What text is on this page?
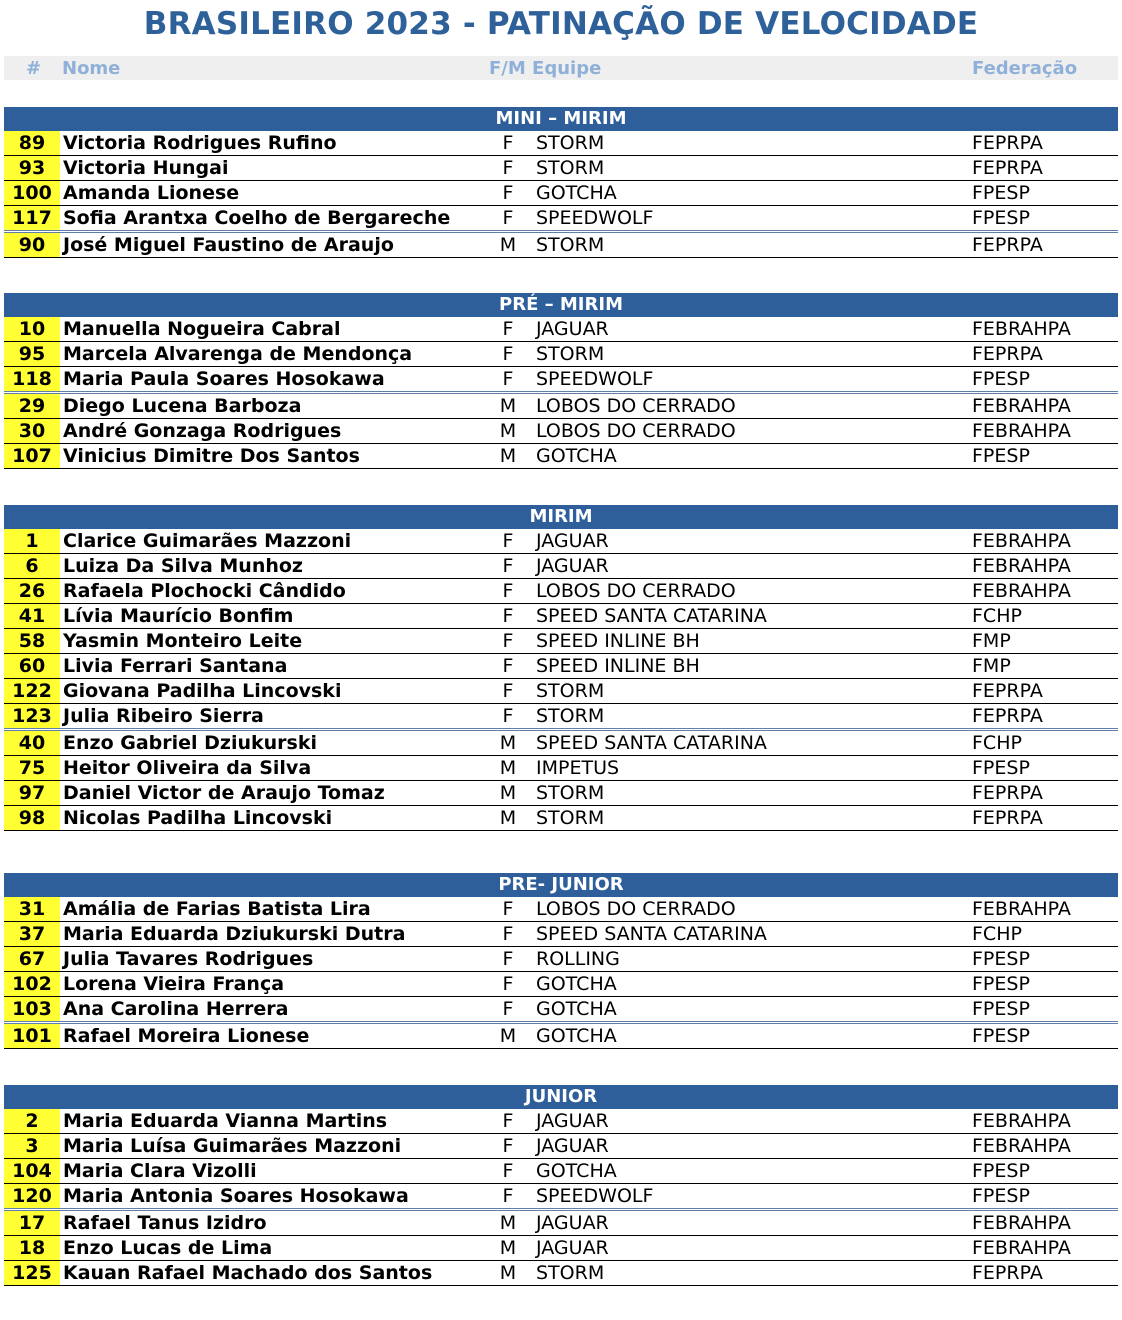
BRASILEIRO 2023 - PATINAÇÃO DE VELOCIDADE
# Nome	F/M Equipe	Federação
MINI – MIRIM
89 Victoria Rodrigues Rufino	F STORM	FEPRPA
93 Victoria Hungai	F STORM	FEPRPA
100 Amanda Lionese	F GOTCHA	FPESP
117 Sofia Arantxa Coelho de Bergareche	F SPEEDWOLF	FPESP
90 José Miguel Faustino de Araujo	M STORM	FEPRPA
PRÉ – MIRIM
10 Manuella Nogueira Cabral	F JAGUAR	FEBRAHPA
95 Marcela Alvarenga de Mendonça	F STORM	FEPRPA
118 Maria Paula Soares Hosokawa	F SPEEDWOLF	FPESP
29 Diego Lucena Barboza	M LOBOS DO CERRADO	FEBRAHPA
30 André Gonzaga Rodrigues	M LOBOS DO CERRADO	FEBRAHPA
107 Vinicius Dimitre Dos Santos	M GOTCHA	FPESP
MIRIM
1	Clarice Guimarães Mazzoni	F JAGUAR	FEBRAHPA
6	Luiza Da Silva Munhoz	F JAGUAR	FEBRAHPA
26 Rafaela Plochocki Cândido	F LOBOS DO CERRADO	FEBRAHPA
41 Lívia Maurício Bonfim	F SPEED SANTA CATARINA	FCHP
58 Yasmin Monteiro Leite	F SPEED INLINE BH	FMP
60 Livia Ferrari Santana	F SPEED INLINE BH	FMP
122 Giovana Padilha Lincovski	F STORM	FEPRPA
123 Julia Ribeiro Sierra	F STORM	FEPRPA
40 Enzo Gabriel Dziukurski	M SPEED SANTA CATARINA	FCHP
75 Heitor Oliveira da Silva	M IMPETUS	FPESP
97 Daniel Victor de Araujo Tomaz	M STORM	FEPRPA
98 Nicolas Padilha Lincovski	M STORM	FEPRPA
PRE- JUNIOR
31 Amália de Farias Batista Lira	F LOBOS DO CERRADO	FEBRAHPA
37 Maria Eduarda Dziukurski Dutra	F SPEED SANTA CATARINA	FCHP
67 Julia Tavares Rodrigues	F ROLLING	FPESP
102 Lorena Vieira França	F GOTCHA	FPESP
103 Ana Carolina Herrera	F GOTCHA	FPESP
101 Rafael Moreira Lionese	M GOTCHA	FPESP
JUNIOR
2	Maria Eduarda Vianna Martins	F JAGUAR	FEBRAHPA
3	Maria Luísa Guimarães Mazzoni	F JAGUAR	FEBRAHPA
104 Maria Clara Vizolli	F GOTCHA	FPESP
120 Maria Antonia Soares Hosokawa	F SPEEDWOLF	FPESP
17 Rafael Tanus Izidro	M JAGUAR	FEBRAHPA
18 Enzo Lucas de Lima	M JAGUAR	FEBRAHPA
125 Kauan Rafael Machado dos Santos	M STORM	FEPRPA
